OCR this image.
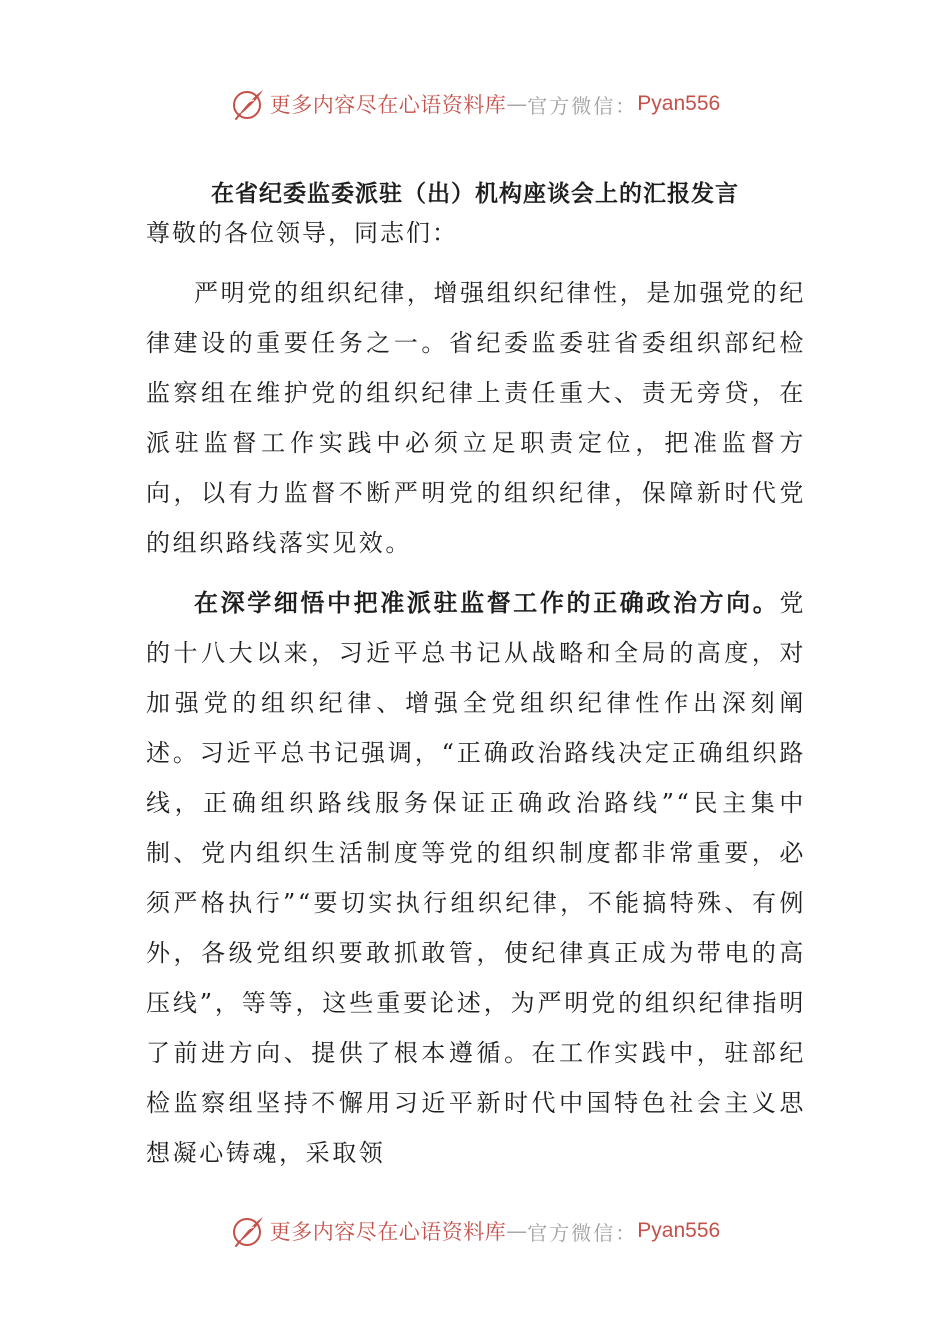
更多内容尽在心语资料库 — 官方微信： Pyan556
在省纪委监委派驻（出）机构座谈会上的汇报发言

尊敬的各位领导，同志们：

严明党的组织纪律，增强组织纪律性，是加强党的纪律建设的重要任务之一。省纪委监委驻省委组织部纪检监察组在维护党的组织纪律上责任重大、责无旁贷，在派驻监督工作实践中必须立足职责定位，把准监督方向，以有力监督不断严明党的组织纪律，保障新时代党的组织路线落实见效。

在深学细悟中把准派驻监督工作的正确政治方向。党的十八大以来，习近平总书记从战略和全局的高度，对加强党的组织纪律、增强全党组织纪律性作出深刻阐述。习近平总书记强调，“正确政治路线决定正确组织路线，正确组织路线服务保证正确政治路线”“民主集中制、党内组织生活制度等党的组织制度都非常重要，必须严格执行”“要切实执行组织纪律，不能搞特殊、有例外，各级党组织要敢抓敢管，使纪律真正成为带电的高压线”，等等，这些重要论述，为严明党的组织纪律指明了前进方向、提供了根本遵循。在工作实践中，驻部纪检监察组坚持不懈用习近平新时代中国特色社会主义思想凝心铸魂，采取领

更多内容尽在心语资料库 — 官方微信： Pyan556
